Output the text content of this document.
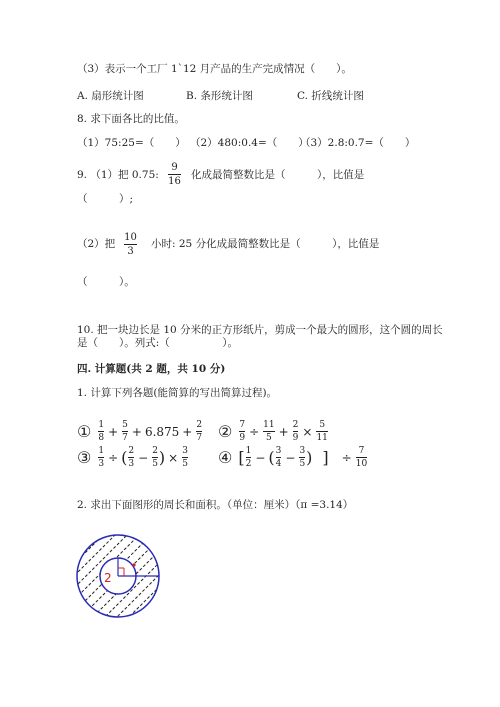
（3）表示一个工厂 1`12 月产品的生产完成情况（　　）。
A. 扇形统计图	B. 条形统计图	C. 折线统计图
8. 求下面各比的比值。
（1）75:25=（　　） （2）480:0.4=（　　）
（3）2.8:0.7=（　　）
9. （1）把 0.75:
9
16
化成最简整数比是（　　　），比值是
（　　　）;
（2）把
10
3
小时: 25 分化成最简整数比是（　　　），比值是
（　　　）。
10. 把一块边长是 10 分米的正方形纸片，剪成一个最大的圆形，这个圆的周长
是（　　）。列式:（　　　　　）。
四. 计算题(共 2 题，共 10 分)
1. 计算下列各题(能简算的写出简算过程)。
① 1
8 + 5
7 + 6.875 + 2
7 ② 7
9 ÷ 11
5 + 2
9 × 5
11
③ 1
3 ÷ ( 2
3 − 2
5 ) × 3
5 ④ [ 1
2 − ( 3
4 − 3
5 ) ] ÷ 7
10
2. 求出下面图形的周长和面积。（单位：厘米）（π =3.14）
2
